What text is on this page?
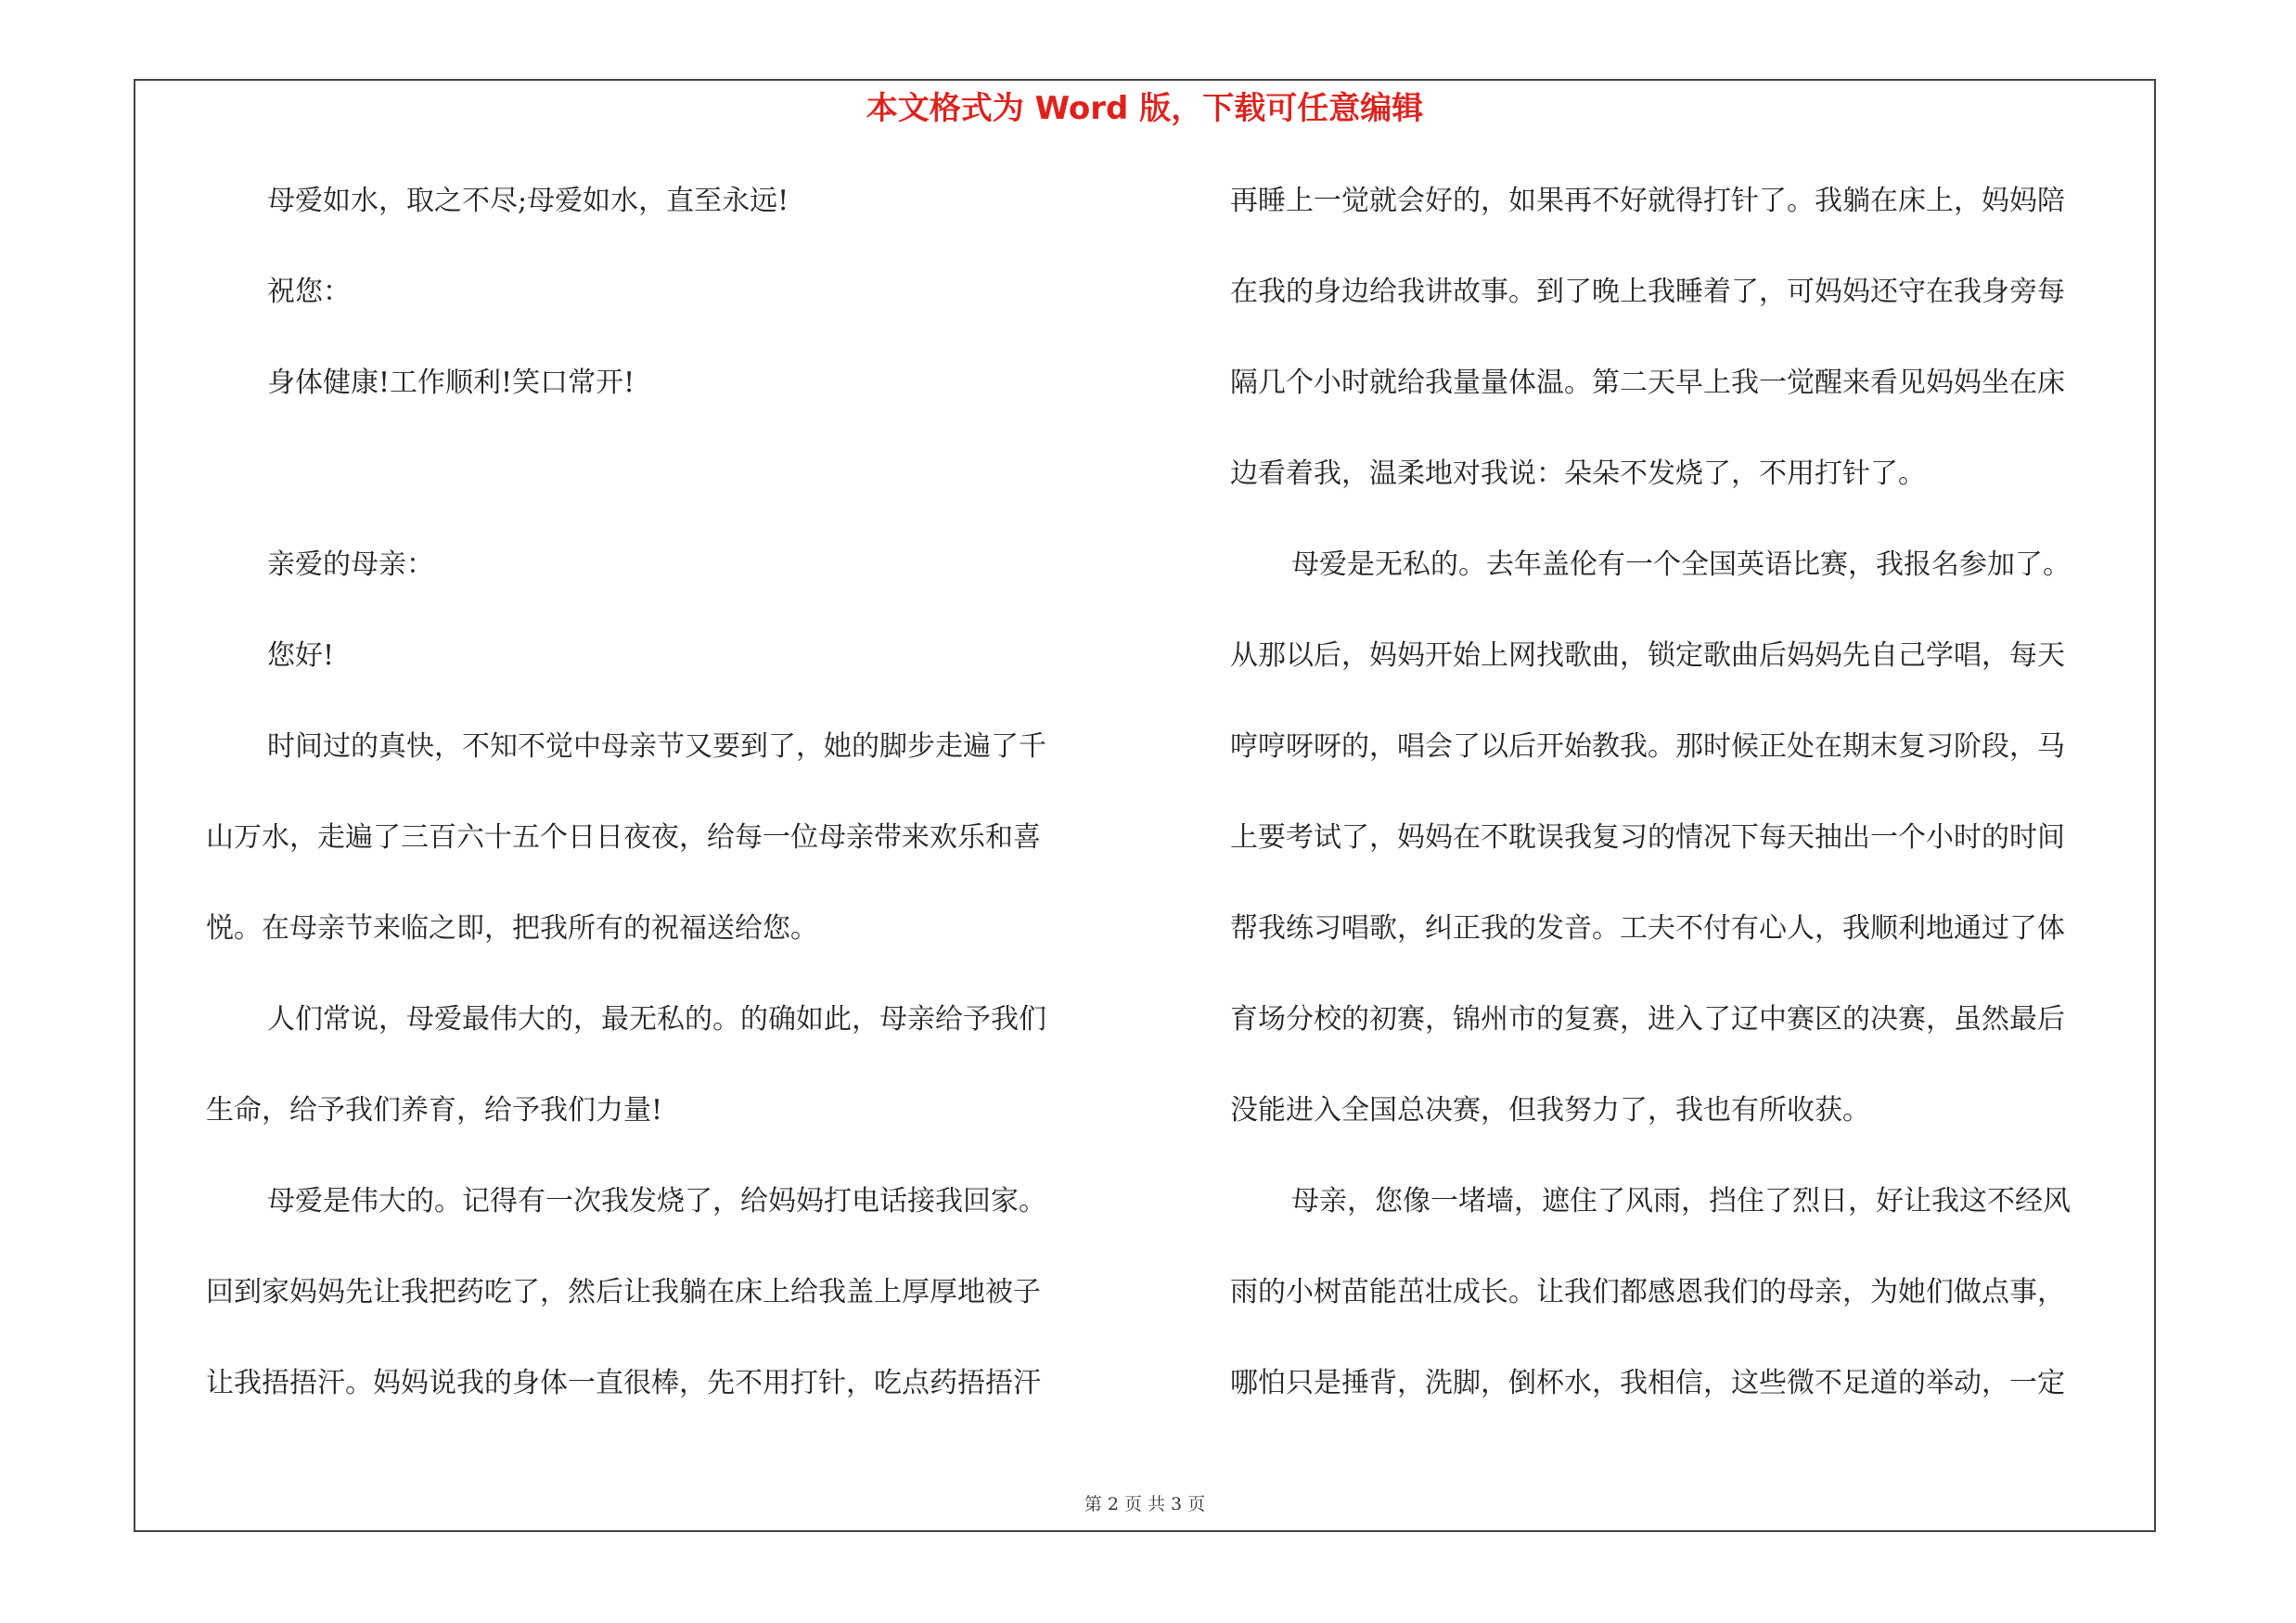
本文格式为 Word 版，下载可任意编辑
母爱如水，取之不尽;母爱如水，直至永远!
祝您：
身体健康!工作顺利!笑口常开!
亲爱的母亲：
您好!
时间过的真快，不知不觉中母亲节又要到了，她的脚步走遍了千
山万水，走遍了三百六十五个日日夜夜，给每一位母亲带来欢乐和喜
悦。在母亲节来临之即，把我所有的祝福送给您。
人们常说，母爱最伟大的，最无私的。的确如此，母亲给予我们
生命，给予我们养育，给予我们力量!
母爱是伟大的。记得有一次我发烧了，给妈妈打电话接我回家。
回到家妈妈先让我把药吃了，然后让我躺在床上给我盖上厚厚地被子
让我捂捂汗。妈妈说我的身体一直很棒，先不用打针，吃点药捂捂汗
再睡上一觉就会好的，如果再不好就得打针了。我躺在床上，妈妈陪
在我的身边给我讲故事。到了晚上我睡着了，可妈妈还守在我身旁每
隔几个小时就给我量量体温。第二天早上我一觉醒来看见妈妈坐在床
边看着我，温柔地对我说：朵朵不发烧了，不用打针了。
母爱是无私的。去年盖伦有一个全国英语比赛，我报名参加了。
从那以后，妈妈开始上网找歌曲，锁定歌曲后妈妈先自己学唱，每天
哼哼呀呀的，唱会了以后开始教我。那时候正处在期末复习阶段，马
上要考试了，妈妈在不耽误我复习的情况下每天抽出一个小时的时间
帮我练习唱歌，纠正我的发音。工夫不付有心人，我顺利地通过了体
育场分校的初赛，锦州市的复赛，进入了辽中赛区的决赛，虽然最后
没能进入全国总决赛，但我努力了，我也有所收获。
母亲，您像一堵墙，遮住了风雨，挡住了烈日，好让我这不经风
雨的小树苗能茁壮成长。让我们都感恩我们的母亲，为她们做点事，
哪怕只是捶背，洗脚，倒杯水，我相信，这些微不足道的举动，一定
第 2 页 共 3 页
